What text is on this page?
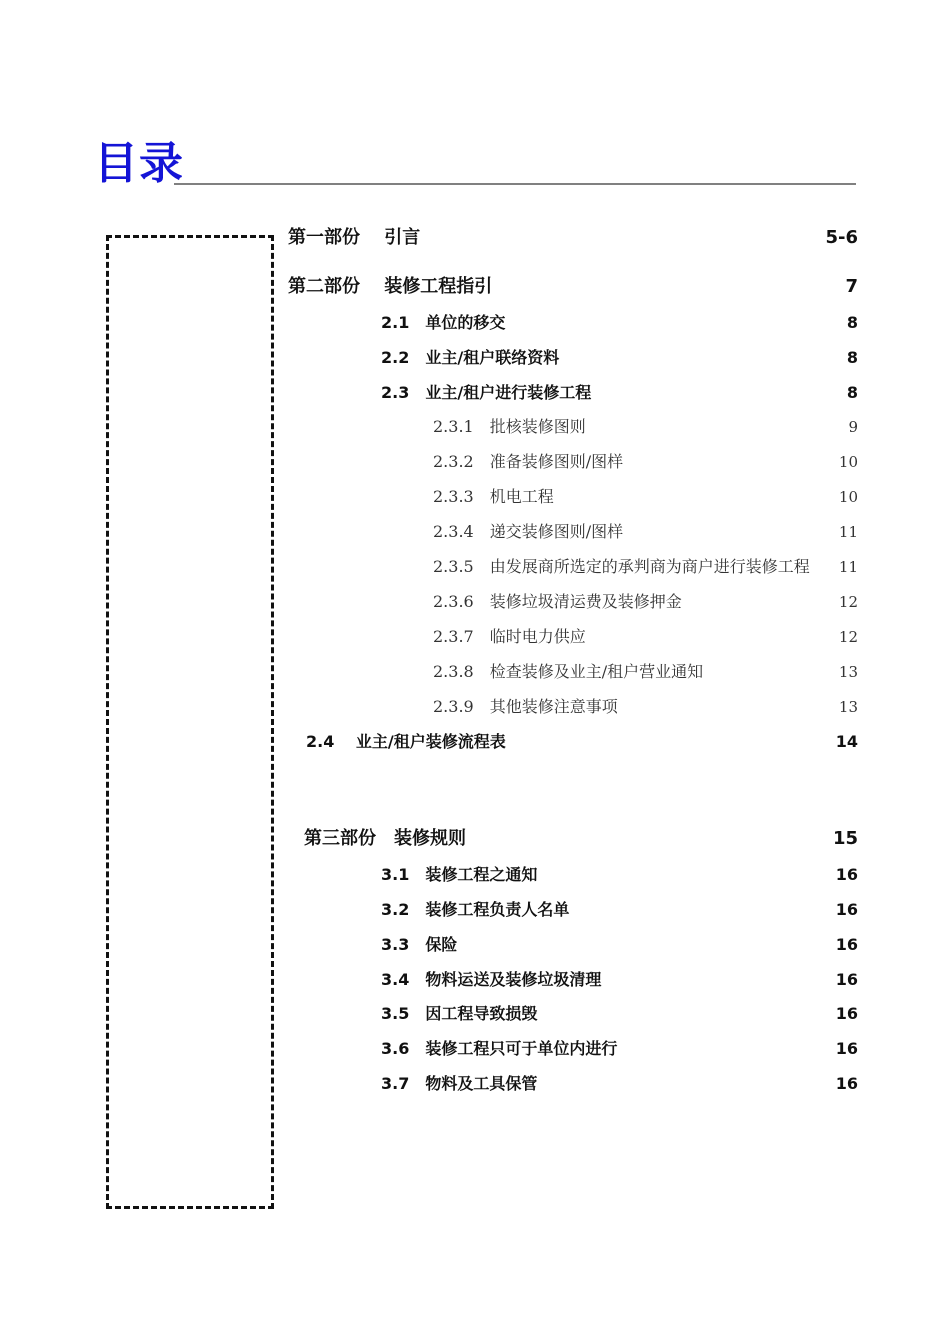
目录
第一部份　 引言	5-6
第二部份　 装修工程指引	7
2.1　单位的移交	8
2.2　业主/租户联络资料	8
2.3　业主/租户进行装修工程	8
2.3.1　批核装修图则	9
2.3.2　准备装修图则/图样	10
2.3.3　机电工程	10
2.3.4　递交装修图则/图样	11
2.3.5　由发展商所选定的承判商为商户进行装修工程 11
2.3.6　装修垃圾清运费及装修押金	12
2.3.7　临时电力供应	12
2.3.8　检查装修及业主/租户营业通知	13
2.3.9　其他装修注意事项	13
2.4　 业主/租户装修流程表	14
第三部份　装修规则	15
3.1　装修工程之通知	16
3.2　装修工程负责人名单	16
3.3　保险	16
3.4　物料运送及装修垃圾清理	16
3.5　因工程导致损毁	16
3.6　装修工程只可于单位内进行	16
3.7　物料及工具保管	16
